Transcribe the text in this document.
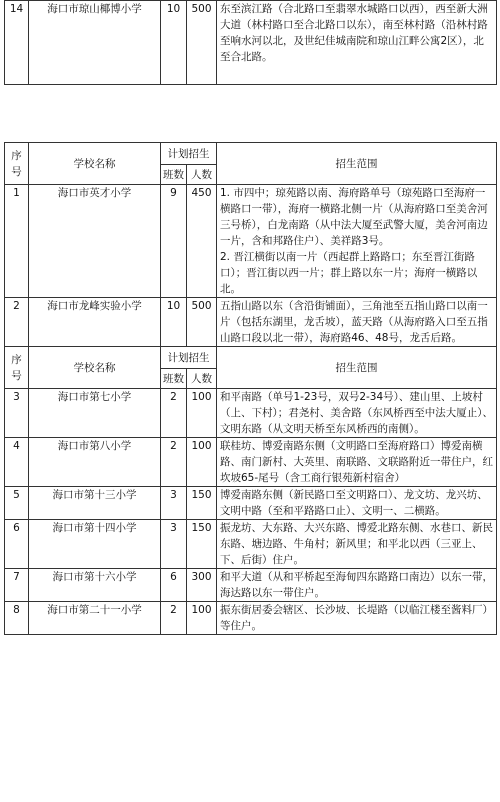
14	海口市琼山椰博小学	10	500	东至滨江路（合北路口至翡翠水城路口以西），西至新大洲大道（林村路口至合北路口以东），南至林村路（沿林村路至响水河以北，及世纪佳城南院和琼山江畔公寓2区），北至合北路。
序号	学校名称	计划招生		招生范围
		班数	人数	
1	海口市英才小学	9	450	1. 市四中；琼苑路以南、海府路单号（琼苑路口至海府一横路口一带），海府一横路北侧一片（从海府路口至美舍河三号桥），白龙南路（从中法大厦至武警大厦，美舍河南边一片，含和邦路住户）、美祥路3号。
2. 晋江横街以南一片（西起群上路路口；东至晋江街路口）；晋江街以西一片；群上路以东一片；海府一横路以北。

2	海口市龙峰实验小学	10	500	五指山路以东（含沿街铺面），三角池至五指山路口以南一片（包括东湖里，龙舌坡），蓝天路（从海府路入口至五指山路口段以北一带），海府路46、48号，龙舌后路。
序号	学校名称	计划招生		招生范围
		班数	人数	
3	海口市第七小学	2	100	和平南路（单号1-23号，双号2-34号）、建山里、上坡村（上、下村）；君尧村、美舍路（东风桥西至中法大厦止）、文明东路（从文明天桥至东风桥西的南侧）。
4	海口市第八小学	2	100	联桂坊、博爱南路东侧（文明路口至海府路口）博爱南横路、南门新村、大英里、南联路、文联路附近一带住户，红坎坡65-尾号（含工商行银苑新村宿舍）
5	海口市第十三小学	3	150	博爱南路东侧（新民路口至文明路口）、龙文坊、龙兴坊、文明中路（至和平路路口止）、文明一、二横路。
6	海口市第十四小学	3	150	振龙坊、大东路、大兴东路、博爱北路东侧、水巷口、新民东路、塘边路、牛角村；新风里；和平北以西（三亚上、下、后街）住户。
7	海口市第十六小学	6	300	和平大道（从和平桥起至海甸四东路路口南边）以东一带，海达路以东一带住户。
8	海口市第二十一小学	2	100	振东街居委会辖区、长沙坡、长堤路（以临江楼至酱料厂）等住户。
